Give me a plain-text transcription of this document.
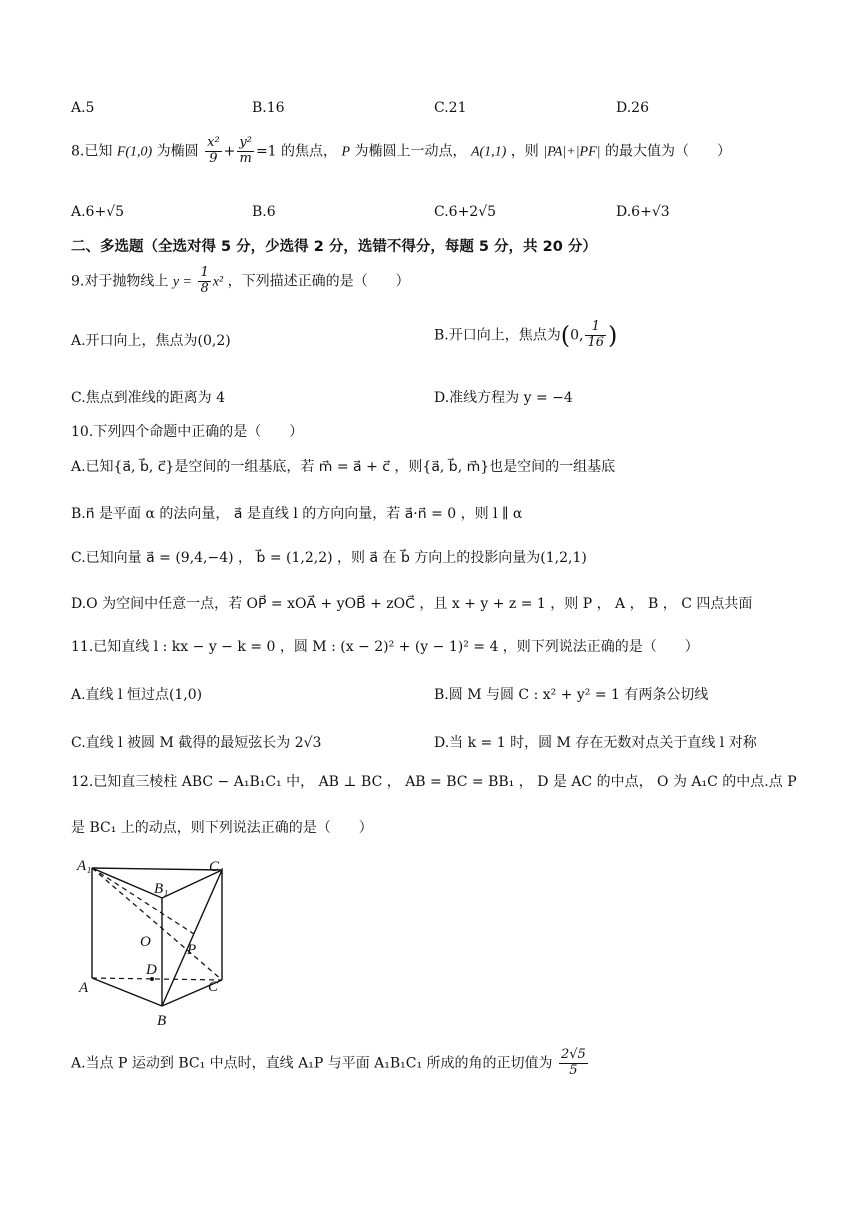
A.5	B.16	C.21	D.26
8.已知 F(1,0) 为椭圆 $\frac{\text{x²}}{9} + \frac{\text{y²}}{m} =1$ 的焦点， P 为椭圆上一动点， A(1,1) ，则 |PA|+|PF| 的最大值为（　　）
A.6+√5	B.6	C.6+2√5	D.6+√3
二、多选题（全选对得 5 分，少选得 2 分，选错不得分，每题 5 分，共 20 分）
9.对于抛物线上 $y = \frac{1}{8} x^2$ ，下列描述正确的是（　　）
A.开口向上，焦点为(0,2)	B.开口向上，焦点为(0, $\frac{1}{16}$ )
C.焦点到准线的距离为 4	D.准线方程为 y = −4
10.下列四个命题中正确的是（　　）
A.已知{a⃗, b⃗, c⃗}是空间的一组基底，若 m⃗ = a⃗ + c⃗ ，则{a⃗, b⃗, m⃗}也是空间的一组基底
B.n⃗ 是平面 α 的法向量， a⃗ 是直线 l 的方向向量，若 a⃗·n⃗ = 0 ，则 l ∥ α
C.已知向量 a⃗ = (9,4,−4) ， b⃗ = (1,2,2) ，则 a⃗ 在 b⃗ 方向上的投影向量为(1,2,1)
D.O 为空间中任意一点，若 OP⃗ = xOA⃗ + yOB⃗ + zOC⃗ ，且 x + y + z = 1 ，则 P ， A ， B ， C 四点共面
11.已知直线 l : kx − y − k = 0 ，圆 M : (x − 2)² + (y − 1)² = 4 ，则下列说法正确的是（　　）
A.直线 l 恒过点(1,0)	B.圆 M 与圆 C : x² + y² = 1 有两条公切线
C.直线 l 被圆 M 截得的最短弦长为 2√3	D.当 k = 1 时，圆 M 存在无数对点关于直线 l 对称
12.已知直三棱柱 ABC − A₁B₁C₁ 中， AB ⊥ BC ， AB = BC = BB₁ ， D 是 AC 的中点， O 为 A₁C 的中点.点 P
是 BC₁ 上的动点，则下列说法正确的是（　　）
A₁
B₁
C₁
O P
D
A
B
C
A.当点 P 运动到 BC₁ 中点时，直线 A₁P 与平面 A₁B₁C₁ 所成的角的正切值为 $\frac{2√5}{5}$
